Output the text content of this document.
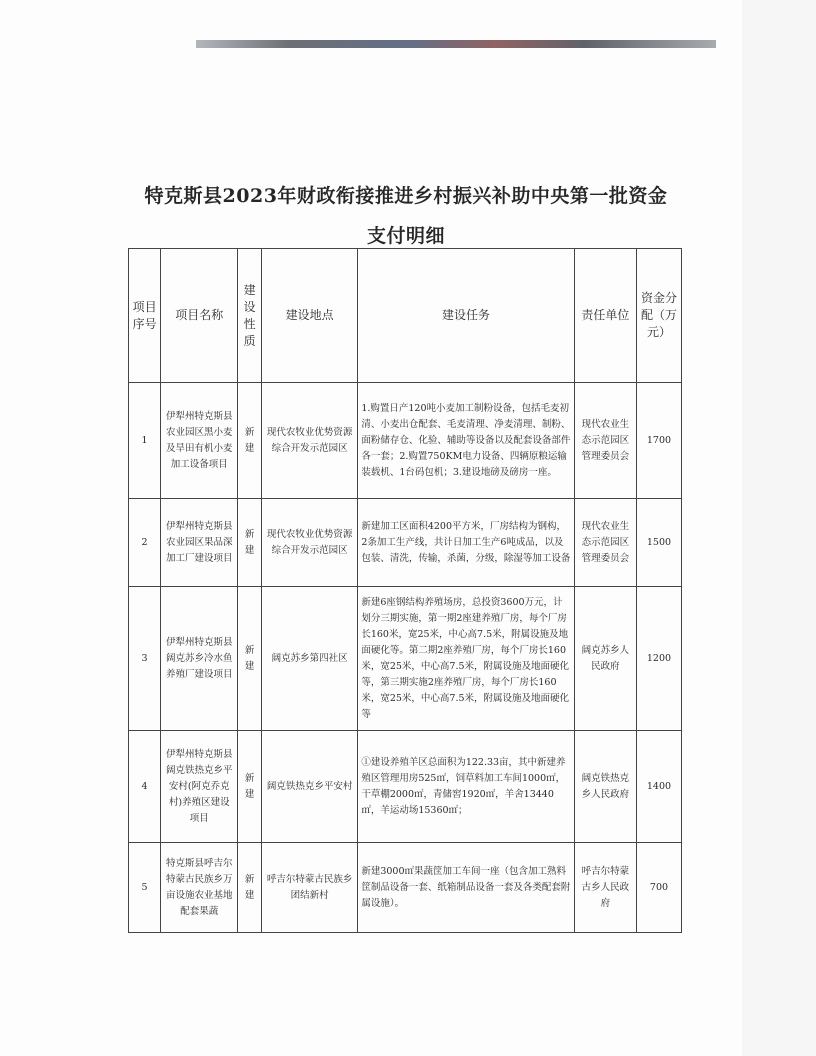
特克斯县2023年财政衔接推进乡村振兴补助中央第一批资金
支付明细
项目序号	项目名称	建设性质	建设地点	建设任务	责任单位	资金分配（万元）
1	伊犁州特克斯县农业园区黑小麦及旱田有机小麦加工设备项目	新建	现代农牧业优势资源综合开发示范园区	1.购置日产120吨小麦加工制粉设备，包括毛麦初清、小麦出仓配套、毛麦清理、净麦清理、制粉、面粉储存仓、化验、辅助等设备以及配套设备部件各一套；2.购置750KM电力设备、四辆原粮运输装载机、1台码包机；3.建设地磅及磅房一座。	现代农业生态示范园区管理委员会	1700
2	伊犁州特克斯县农业园区果品深加工厂建设项目	新建	现代农牧业优势资源综合开发示范园区	新建加工区面积4200平方米，厂房结构为钢构，2条加工生产线，共计日加工生产6吨成品，以及包装、清洗，传输，杀菌，分级，除湿等加工设备	现代农业生态示范园区管理委员会	1500
3	伊犁州特克斯县阔克苏乡冷水鱼养殖厂建设项目	新建	阔克苏乡第四社区	新建6座钢结构养殖场房，总投资3600万元，计划分三期实施，第一期2座建养殖厂房，每个厂房长160米，宽25米，中心高7.5米，附属设施及地面硬化等。第二期2座养殖厂房，每个厂房长160米，宽25米，中心高7.5米，附属设施及地面硬化等，第三期实施2座养殖厂房，每个厂房长160米，宽25米，中心高7.5米，附属设施及地面硬化等	阔克苏乡人民政府	1200
4	伊犁州特克斯县阔克铁热克乡平安村(阿克乔克村)养殖区建设项目	新建	阔克铁热克乡平安村	①建设养殖羊区总面积为122.33亩，其中新建养殖区管理用房525㎡，饲草料加工车间1000㎡，干草棚2000㎡，青储窖1920㎡，羊舍13440㎡，羊运动场15360㎡；	阔克铁热克乡人民政府	1400
5	特克斯县呼吉尔特蒙古民族乡万亩设施农业基地配套果蔬	新建	呼吉尔特蒙古民族乡团结新村	新建3000㎡果蔬筐加工车间一座（包含加工熟料筐制品设备一套、纸箱制品设备一套及各类配套附属设施）。	呼吉尔特蒙古乡人民政府	700
